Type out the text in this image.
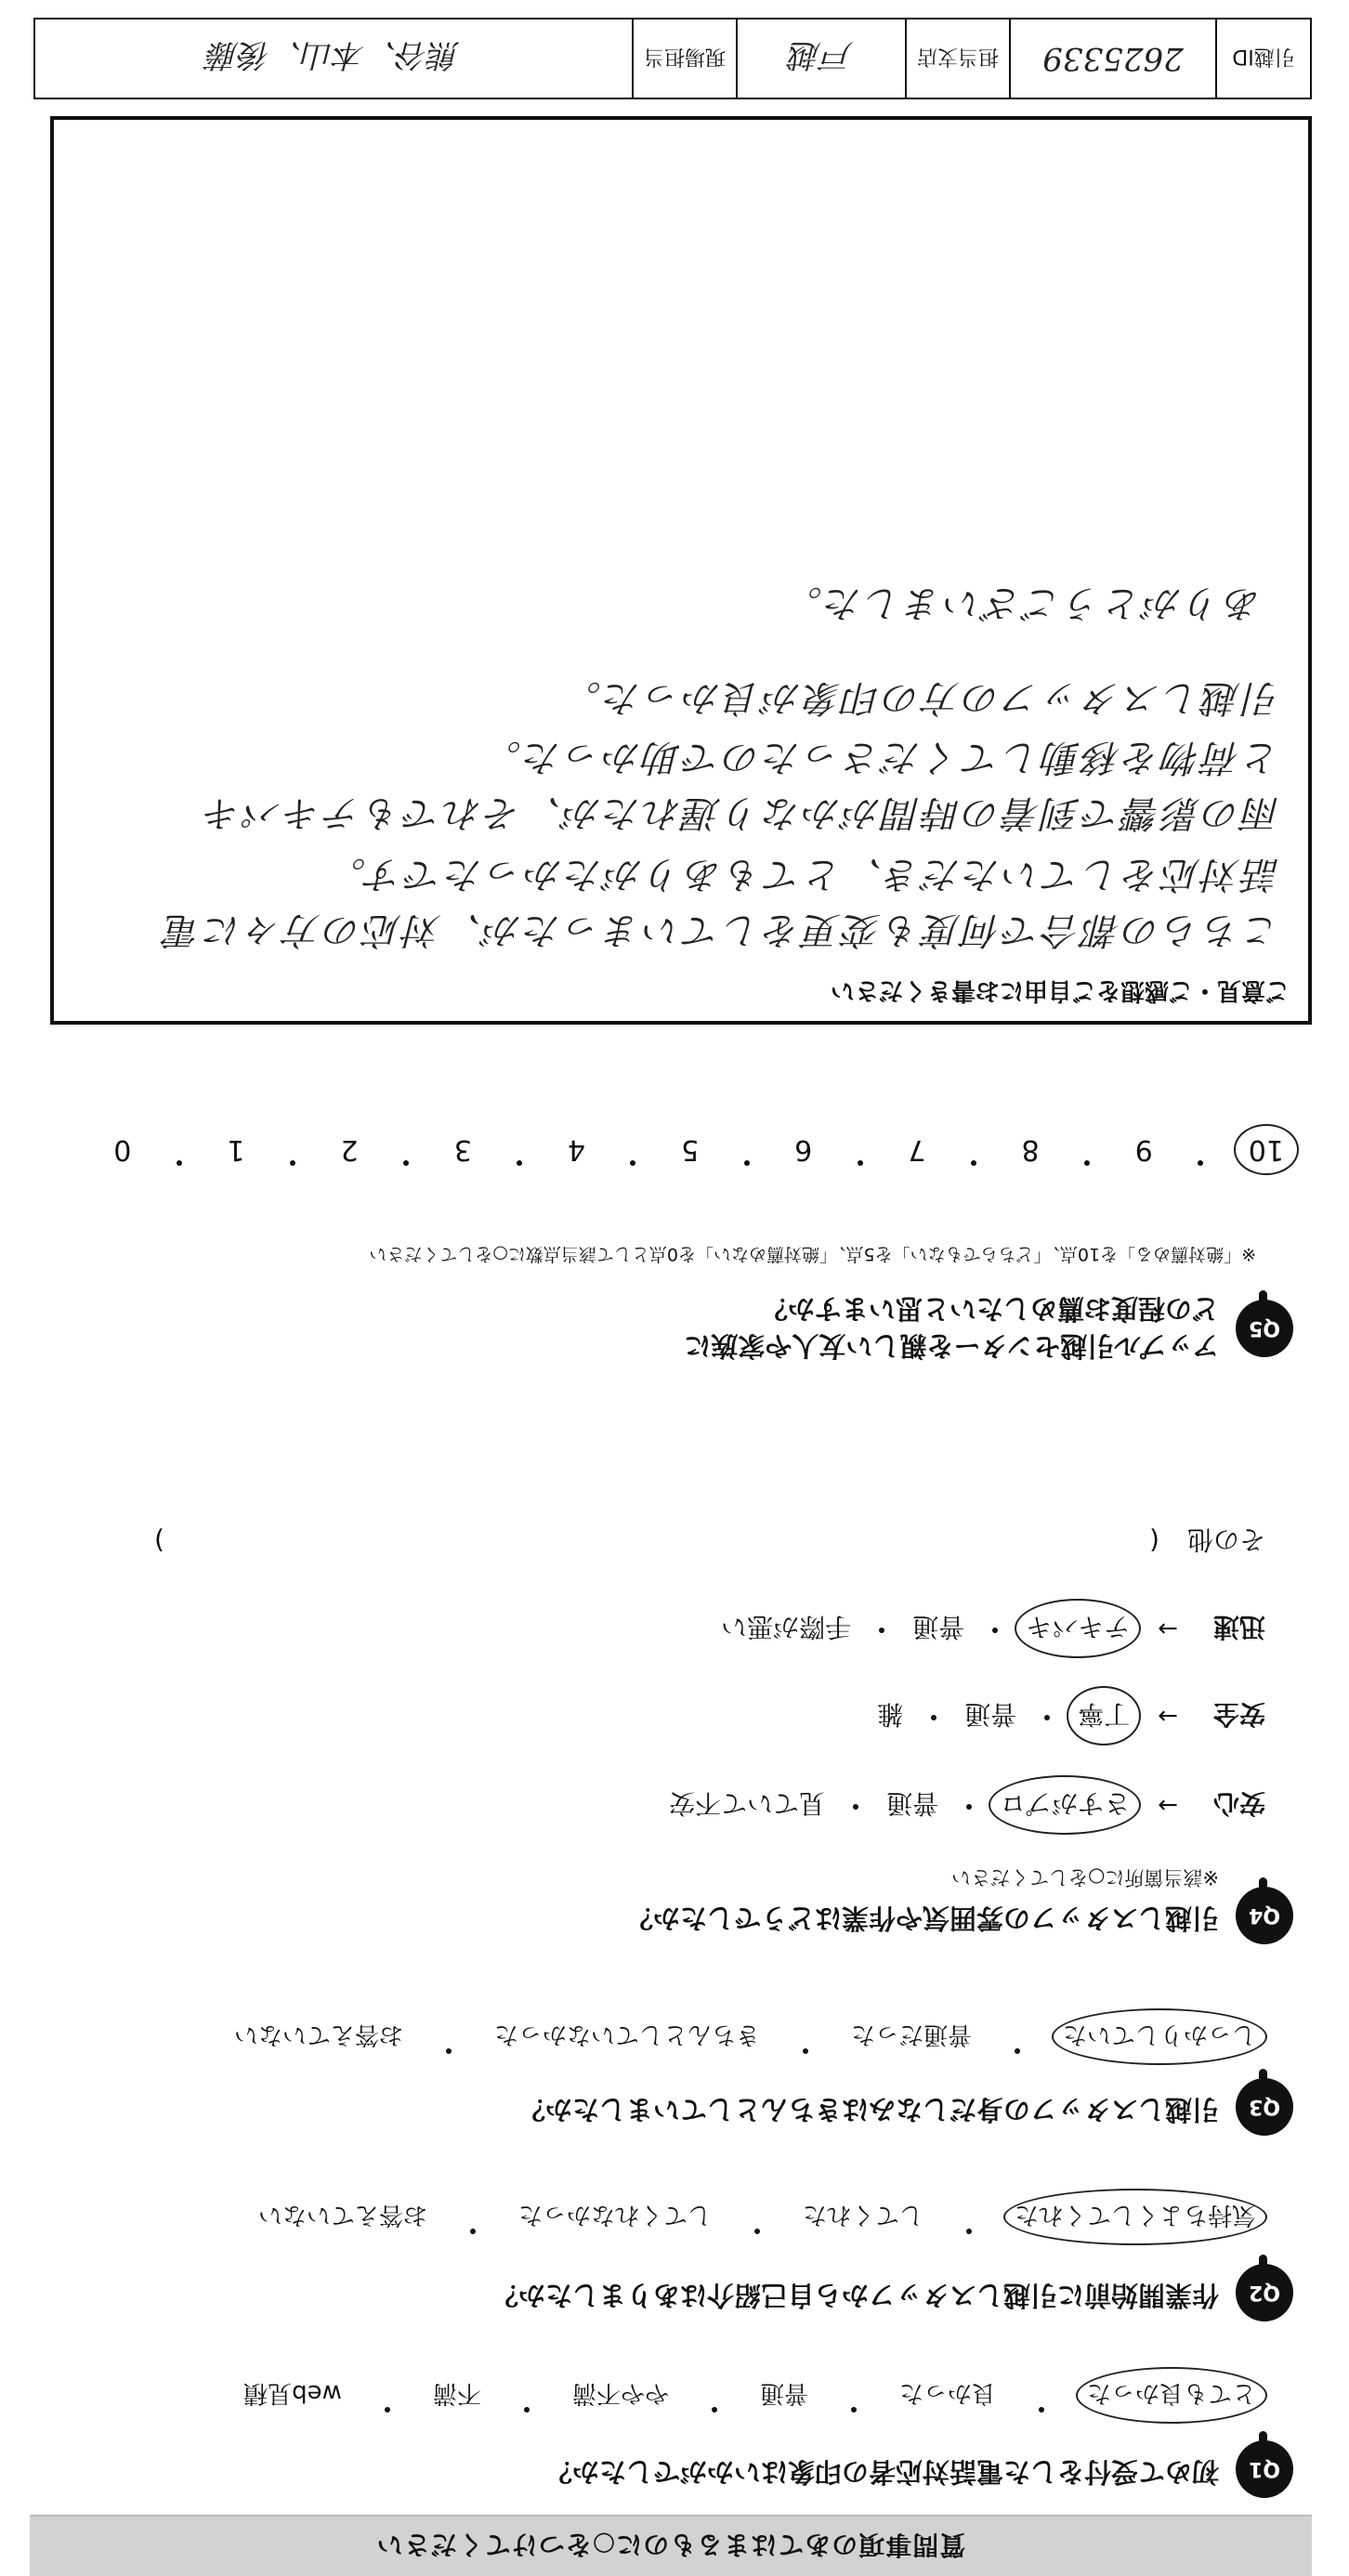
質問事項のあてはまるものに○をつけてください
Q1
初めて受付をした電話対応者の印象はいかがでしたか？
とても良かった
良かった
普通
やや不満
不満
web見積
Q2
作業開始前に引越しスタッフから自己紹介はありましたか？
気持ちよくしてくれた
してくれた
してくれなかった
お答えていない
Q3
引越しスタッフの身だしなみはきちんとしていましたか？
しっかりしていた
普通だった
きちんとしていなかった
お答えていない
Q4
引越しスタッフの雰囲気や作業はどうでしたか？
※該当箇所に○をしてください
安心
→
さすがプロ
普通
見ていて不安
安全
→
丁寧
普通
雑
迅速
→
テキパキ
普通
手際が悪い
その他
(
)
Q5
アップル引越センターを親しい友人や家族に
どの程度お薦めしたいと思いますか？
※「絶対薦める」を10点、「どちらでもない」を5点、「絶対薦めない」を0点として該当点数に○をしてください
10
9
8
7
6
5
4
3
2
1
0
ご意見・ご感想をご自由にお書きください
こちらの都合で何度も変更をしていまったが、対応の方々に電
話対応をしていただき、とてもありがたかったです。
雨の影響で到着の時間がかなり遅れたが、それでもテキパキ
と荷物を移動してくださったので助かった。
引越しスタッフの方の印象が良かった。
ありがとうございました。
引越ID
2625339
担当支店
戸越
現場担当
熊谷、本山、後藤
